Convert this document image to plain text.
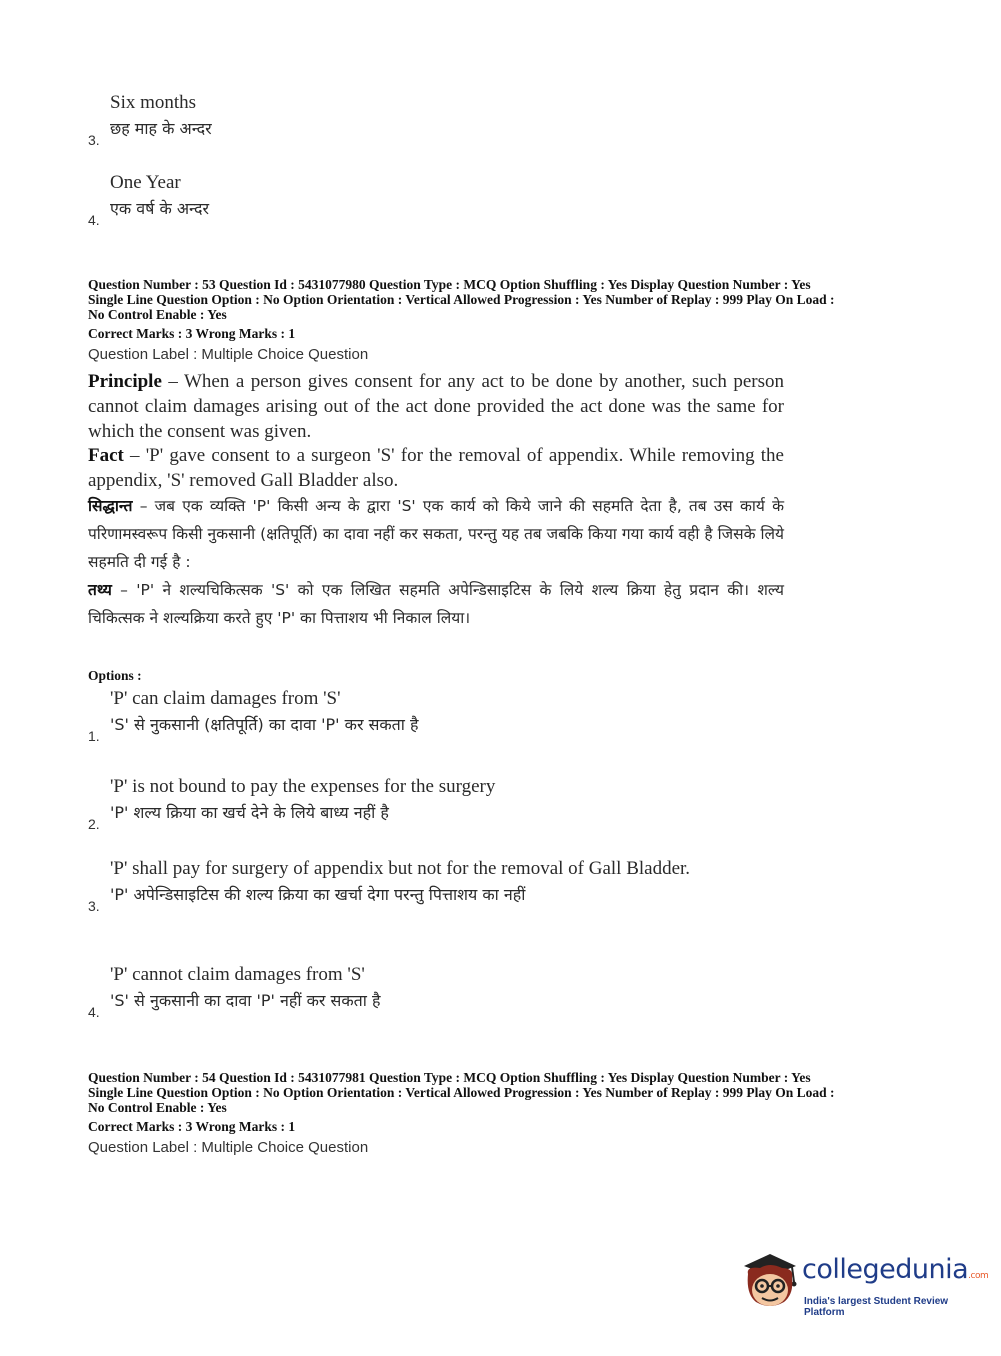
Six months
छह माह के अन्दर
3.
One Year
एक वर्ष के अन्दर
4.
Question Number : 53 Question Id : 5431077980 Question Type : MCQ Option Shuffling : Yes Display Question Number : Yes
Single Line Question Option : No Option Orientation : Vertical Allowed Progression : Yes Number of Replay : 999 Play On Load :
No Control Enable : Yes
Correct Marks : 3 Wrong Marks : 1
Question Label : Multiple Choice Question
Principle – When a person gives consent for any act to be done by another, such person cannot claim damages arising out of the act done provided the act done was the same for which the consent was given.
Fact – 'P' gave consent to a surgeon 'S' for the removal of appendix. While removing the appendix, 'S' removed Gall Bladder also.
सिद्धान्त – जब एक व्यक्ति 'P' किसी अन्य के द्वारा 'S' एक कार्य को किये जाने की सहमति देता है, तब उस कार्य के परिणामस्वरूप किसी नुकसानी (क्षतिपूर्ति) का दावा नहीं कर सकता, परन्तु यह तब जबकि किया गया कार्य वही है जिसके लिये सहमति दी गई है :
तथ्य – 'P' ने शल्यचिकित्सक 'S' को एक लिखित सहमति अपेन्डिसाइटिस के लिये शल्य क्रिया हेतु प्रदान की। शल्य चिकित्सक ने शल्यक्रिया करते हुए 'P' का पित्ताशय भी निकाल लिया।
Options :
'P' can claim damages from 'S'
'S' से नुकसानी (क्षतिपूर्ति) का दावा 'P' कर सकता है
1.
'P' is not bound to pay the expenses for the surgery
'P' शल्य क्रिया का खर्च देने के लिये बाध्य नहीं है
2.
'P' shall pay for surgery of appendix but not for the removal of Gall Bladder.
'P' अपेन्डिसाइटिस की शल्य क्रिया का खर्चा देगा परन्तु पित्ताशय का नहीं
3.
'P' cannot claim damages from 'S'
'S' से नुकसानी का दावा 'P' नहीं कर सकता है
4.
Question Number : 54 Question Id : 5431077981 Question Type : MCQ Option Shuffling : Yes Display Question Number : Yes
Single Line Question Option : No Option Orientation : Vertical Allowed Progression : Yes Number of Replay : 999 Play On Load :
No Control Enable : Yes
Correct Marks : 3 Wrong Marks : 1
Question Label : Multiple Choice Question
collegedunia.com
India's largest Student Review Platform
